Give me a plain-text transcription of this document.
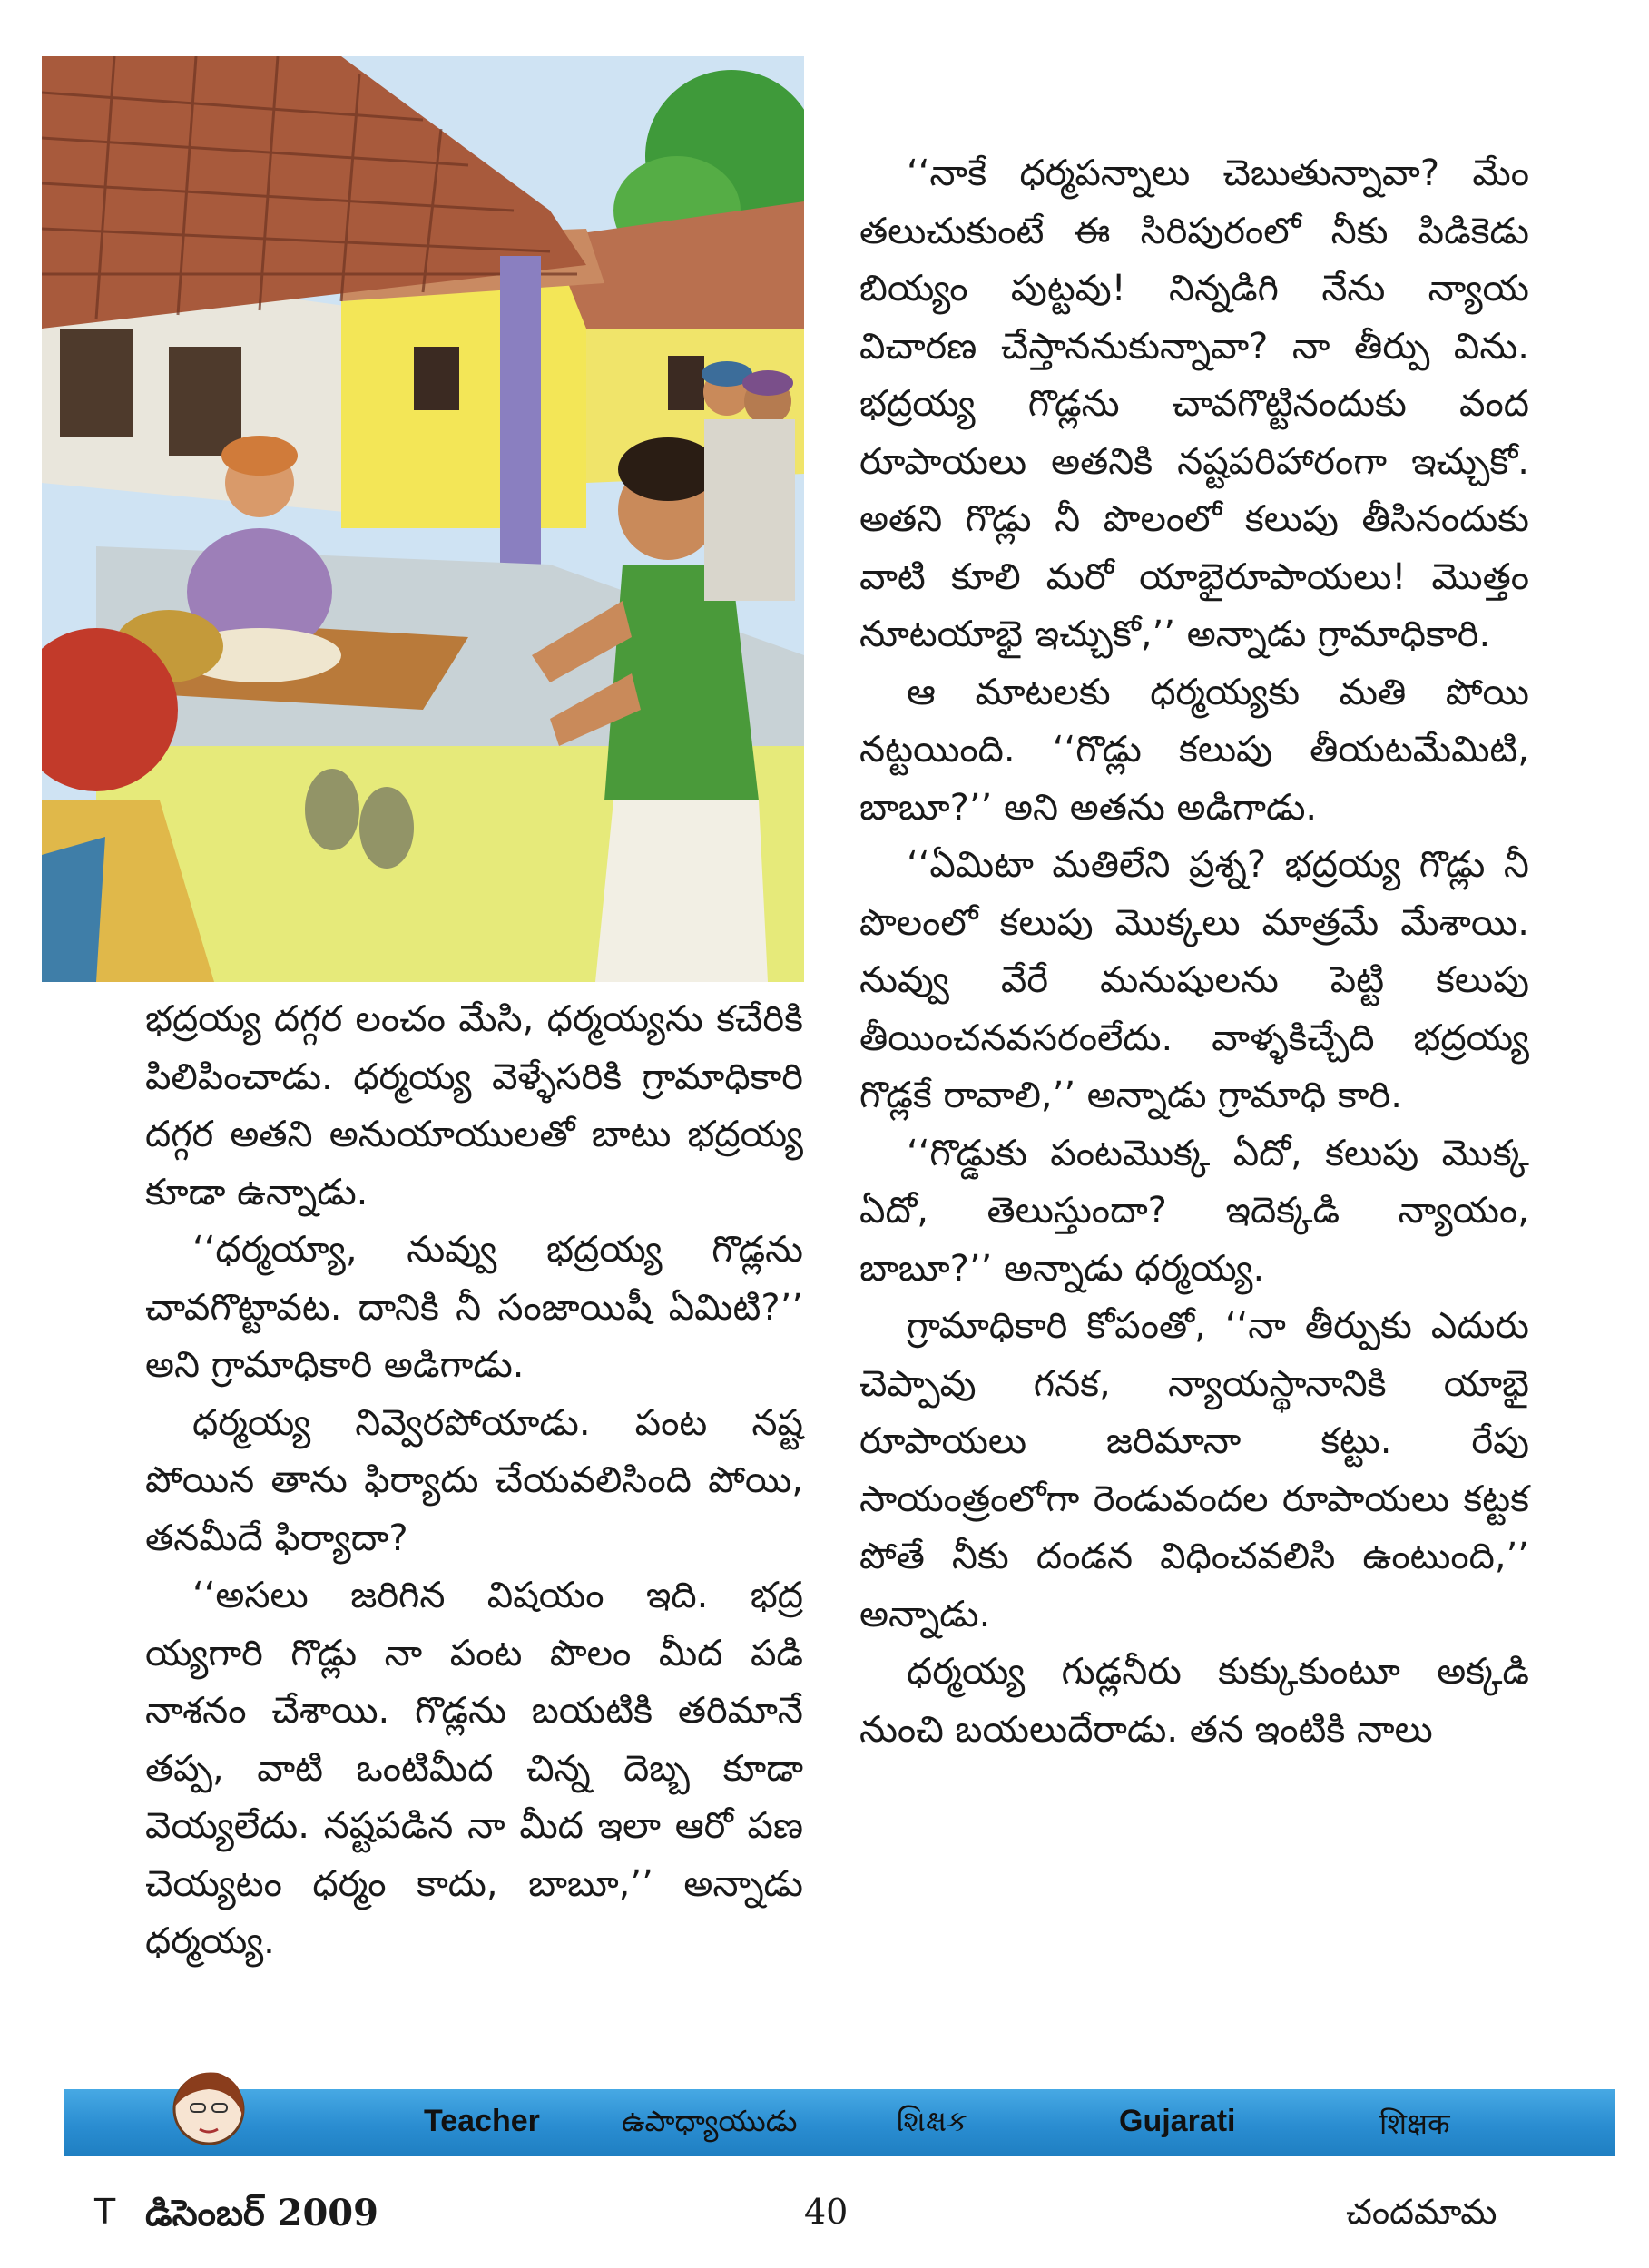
భద్రయ్య దగ్గర లంచం మేసి, ధర్మయ్యను కచేరికి పిలిపించాడు. ధర్మయ్య వెళ్ళేసరికి గ్రామాధికారి దగ్గర అతని అనుయాయులతో బాటు భద్రయ్య కూడా ఉన్నాడు.

‘‘ధర్మయ్యా, నువ్వు భద్రయ్య గొడ్లను చావగొట్టావట. దానికి నీ సంజాయిషీ ఏమిటి?’’ అని గ్రామాధికారి అడిగాడు.

ధర్మయ్య నివ్వెరపోయాడు. పంట నష్ట పోయిన తాను ఫిర్యాదు చేయవలిసింది పోయి, తనమీదే ఫిర్యాదా?

‘‘అసలు జరిగిన విషయం ఇది. భద్ర య్యగారి గొడ్లు నా పంట పొలం మీద పడి నాశనం చేశాయి. గొడ్లను బయటికి తరిమానే తప్ప, వాటి ఒంటిమీద చిన్న దెబ్బ కూడా వెయ్యలేదు. నష్టపడిన నా మీద ఇలా ఆరో పణ చెయ్యటం ధర్మం కాదు, బాబూ,’’ అన్నాడు ధర్మయ్య.

‘‘నాకే ధర్మపన్నాలు చెబుతున్నావా? మేం తలుచుకుంటే ఈ సిరిపురంలో నీకు పిడికెడు బియ్యం పుట్టవు! నిన్నడిగి నేను న్యాయ విచారణ చేస్తాననుకున్నావా? నా తీర్పు విను. భద్రయ్య గొడ్లను చావగొట్టినందుకు వంద రూపాయలు అతనికి నష్టపరిహారంగా ఇచ్చుకో. అతని గొడ్లు నీ పొలంలో కలుపు తీసినందుకు వాటి కూలి మరో యాభైరూపాయలు! మొత్తం నూటయాభై ఇచ్చుకో,’’ అన్నాడు గ్రామాధికారి.

ఆ మాటలకు ధర్మయ్యకు మతి పోయి నట్టయింది. ‘‘గొడ్లు కలుపు తీయటమేమిటి, బాబూ?’’ అని అతను అడిగాడు.

‘‘ఏమిటా మతిలేని ప్రశ్న? భద్రయ్య గొడ్లు నీ పొలంలో కలుపు మొక్కలు మాత్రమే మేశాయి. నువ్వు వేరే మనుషులను పెట్టి కలుపు తీయించనవసరంలేదు. వాళ్ళకిచ్చేది భద్రయ్య గొడ్లకే రావాలి,’’ అన్నాడు గ్రామాధి కారి.

‘‘గొడ్డుకు పంటమొక్క ఏదో, కలుపు మొక్క ఏదో, తెలుస్తుందా? ఇదెక్కడి న్యాయం, బాబూ?’’ అన్నాడు ధర్మయ్య.

గ్రామాధికారి కోపంతో, ‘‘నా తీర్పుకు ఎదురు చెప్పావు గనక, న్యాయస్థానానికి యాభై రూపాయలు జరిమానా కట్టు. రేపు సాయంత్రంలోగా రెండువందల రూపాయలు కట్టక పోతే నీకు దండన విధించవలిసి ఉంటుంది,’’ అన్నాడు.

ధర్మయ్య గుడ్లనీరు కుక్కుకుంటూ అక్కడి నుంచి బయలుదేరాడు. తన ఇంటికి నాలు

Teacher	ఉపాధ్యాయుడు	શિક્ષક	Gujarati	शिक्षक
T డిసెంబర్ 2009	40	చందమామ
